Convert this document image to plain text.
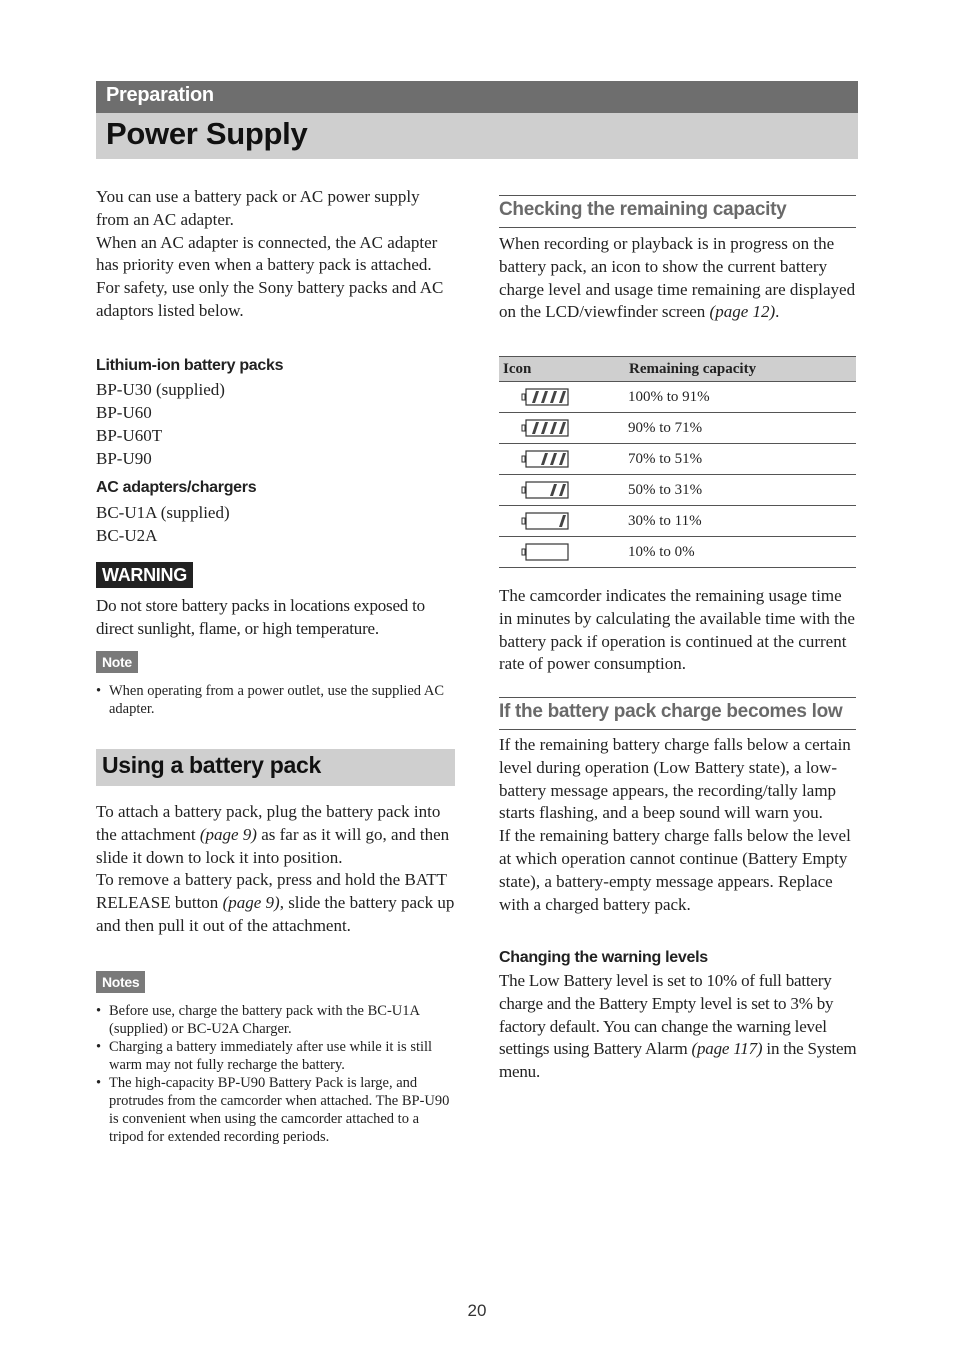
Preparation
Power Supply

You can use a battery pack or AC power supply from an AC adapter.

When an AC adapter is connected, the AC adapter has priority even when a battery pack is attached.

For safety, use only the Sony battery packs and AC adaptors listed below.

Lithium-ion battery packs
BP-U30 (supplied)
BP-U60
BP-U60T
BP-U90
AC adapters/chargers
BC-U1A (supplied)
BC-U2A
WARNING
Do not store battery packs in locations exposed to direct sunlight, flame, or high temperature.
Note
• When operating from a power outlet, use the supplied AC adapter.
Using a battery pack

To attach a battery pack, plug the battery pack into the attachment (page 9) as far as it will go, and then slide it down to lock it into position.

To remove a battery pack, press and hold the BATT RELEASE button (page 9), slide the battery pack up and then pull it out of the attachment.

Notes
• Before use, charge the battery pack with the BC-U1A (supplied) or BC-U2A Charger.
• Charging a battery immediately after use while it is still warm may not fully recharge the battery.
• The high-capacity BP-U90 Battery Pack is large, and protrudes from the camcorder when attached. The BP-U90 is convenient when using the camcorder attached to a tripod for extended recording periods.
Checking the remaining capacity
When recording or playback is in progress on the battery pack, an icon to show the current battery charge level and usage time remaining are displayed on the LCD/viewfinder screen (page 12).
Icon	Remaining capacity

	100% to 91%

	90% to 71%

	70% to 51%

	50% to 31%

	30% to 11%

	10% to 0%
The camcorder indicates the remaining usage time in minutes by calculating the available time with the battery pack if operation is continued at the current rate of power consumption.
If the battery pack charge becomes low

If the remaining battery charge falls below a certain level during operation (Low Battery state), a low-battery message appears, the recording/tally lamp starts flashing, and a beep sound will warn you.

If the remaining battery charge falls below the level at which operation cannot continue (Battery Empty state), a battery-empty message appears. Replace with a charged battery pack.

Changing the warning levels
The Low Battery level is set to 10% of full battery charge and the Battery Empty level is set to 3% by factory default. You can change the warning level settings using Battery Alarm (page 117) in the System menu.
20
